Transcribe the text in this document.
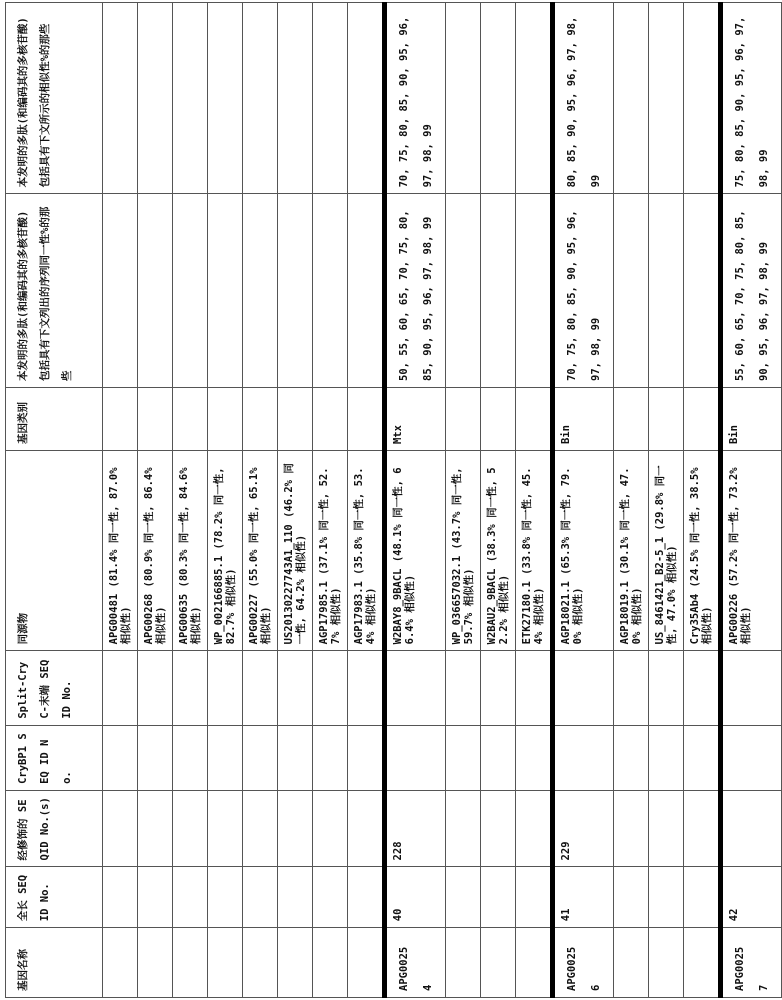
基因名称	全长 SEQ ID No.	经修饰的 SEQID No.(s)	CryBP1 SEQ ID No.	Split-Cry C-末端 SEQ ID No.	同源物	基因类别	本发明的多肽(和编码其的多核苷酸)包括具有下文列出的序列同一性%的那些	本发明的多肽(和编码其的多核苷酸)包括具有下文所示的相似性%的那些
					APG00481 (81.4% 同一性, 87.0% 相似性)			
					APG00268 (80.9% 同一性, 86.4% 相似性)			
					APG00635 (80.3% 同一性, 84.6% 相似性)			
					WP_002166885.1 (78.2% 同一性, 82.7% 相似性)			
					APG00227 (55.0% 同一性, 65.1% 相似性)			
					US20130227743A1_110 (46.2% 同一性, 64.2% 相似性)			
					AGP17985.1 (37.1% 同一性, 52.7% 相似性)			
					AGP17983.1 (35.8% 同一性, 53.4% 相似性)			
APG0025 4	40	228			W2BAY8_9BACL (48.1% 同一性, 66.4% 相似性)	Mtx	50, 55, 60, 65, 70, 75, 80, 85, 90, 95, 96, 97, 98, 99	70, 75, 80, 85, 90, 95, 96, 97, 98, 99
					WP_036657032.1 (43.7% 同一性, 59.7% 相似性)			
					W2BAU2_9BACL (38.3% 同一性, 52.2% 相似性)			
					ETK27180.1 (33.8% 同一性, 45.4% 相似性)			
APG0025 6	41	229			AGP18021.1 (65.3% 同一性, 79.0% 相似性)	Bin	70, 75, 80, 85, 90, 95, 96, 97, 98, 99	80, 85, 90, 95, 96, 97, 98, 99
					AGP18019.1 (30.1% 同一性, 47.0% 相似性)			
					US_8461421_B2-5_1 (29.8% 同一性, 47.0% 相似性)			
					Cry35Ab4 (24.5% 同一性, 38.5% 相似性)			
APG0025 7	42				APG00226 (57.2% 同一性, 73.2% 相似性)	Bin	55, 60, 65, 70, 75, 80, 85, 90, 95, 96, 97, 98, 99	75, 80, 85, 90, 95, 96, 97, 98, 99
